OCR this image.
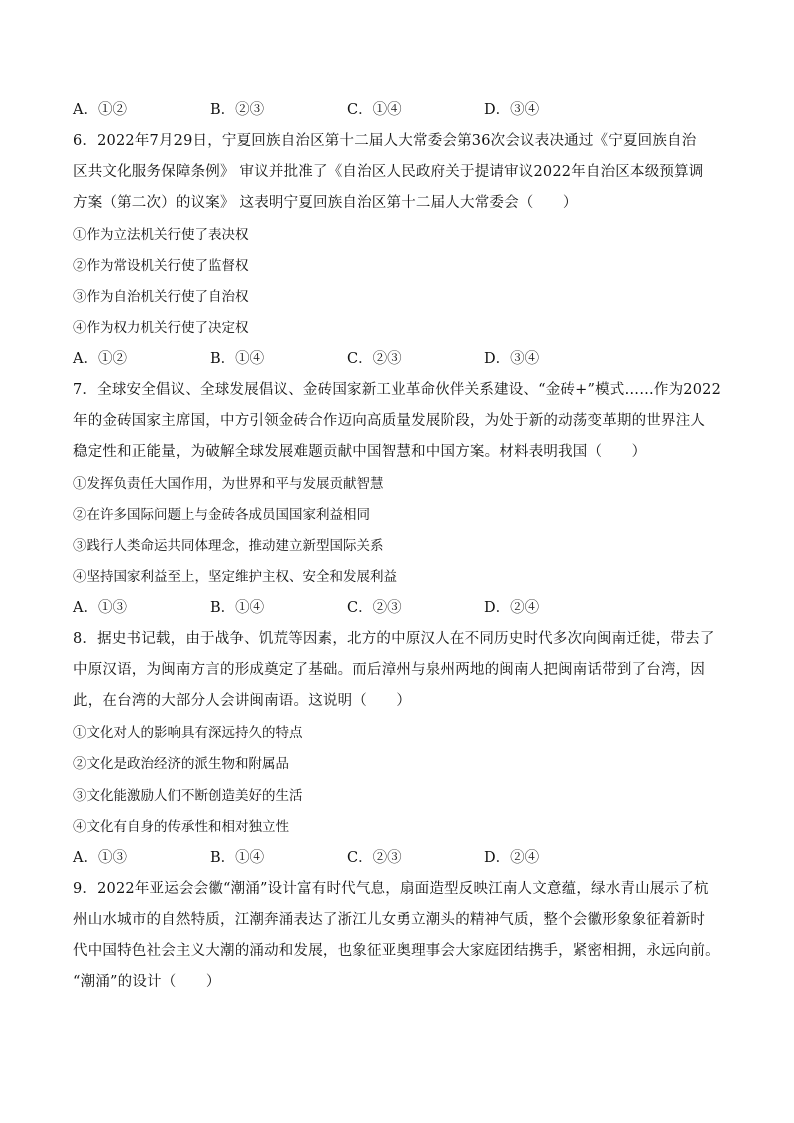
A．①②	B．②③	C．①④	D．③④
6．2022年7月29日，宁夏回族自治区第十二届人大常委会第36次会议表决通过《宁夏回族自治
区共文化服务保障条例》 审议并批准了《自治区人民政府关于提请审议2022年自治区本级预算调
方案（第二次）的议案》 这表明宁夏回族自治区第十二届人大常委会（　　）
①作为立法机关行使了表决权
②作为常设机关行使了监督权
③作为自治机关行使了自治权
④作为权力机关行使了决定权
A．①②	B．①④	C．②③	D．③④
7．全球安全倡议、全球发展倡议、金砖国家新工业革命伙伴关系建设、“金砖+”模式……作为2022
年的金砖国家主席国，中方引领金砖合作迈向高质量发展阶段，为处于新的动荡变革期的世界注人
稳定性和正能量，为破解全球发展难题贡献中国智慧和中国方案。材料表明我国（　　）
①发挥负责任大国作用，为世界和平与发展贡献智慧
②在许多国际问题上与金砖各成员国国家利益相同
③践行人类命运共同体理念，推动建立新型国际关系
④坚持国家利益至上，坚定维护主权、安全和发展利益
A．①③	B．①④	C．②③	D．②④
8．据史书记载，由于战争、饥荒等因素，北方的中原汉人在不同历史时代多次向闽南迁徙，带去了
中原汉语，为闽南方言的形成奠定了基础。而后漳州与泉州两地的闽南人把闽南话带到了台湾，因
此，在台湾的大部分人会讲闽南语。这说明（　　）
①文化对人的影响具有深远持久的特点
②文化是政治经济的派生物和附属品
③文化能激励人们不断创造美好的生活
④文化有自身的传承性和相对独立性
A．①③	B．①④	C．②③	D．②④
9．2022年亚运会会徽“潮涌”设计富有时代气息，扇面造型反映江南人文意蕴，绿水青山展示了杭
州山水城市的自然特质，江潮奔涌表达了浙江儿女勇立潮头的精神气质，整个会徽形象象征着新时
代中国特色社会主义大潮的涌动和发展，也象征亚奥理事会大家庭团结携手，紧密相拥，永远向前。
“潮涌”的设计（　　）
